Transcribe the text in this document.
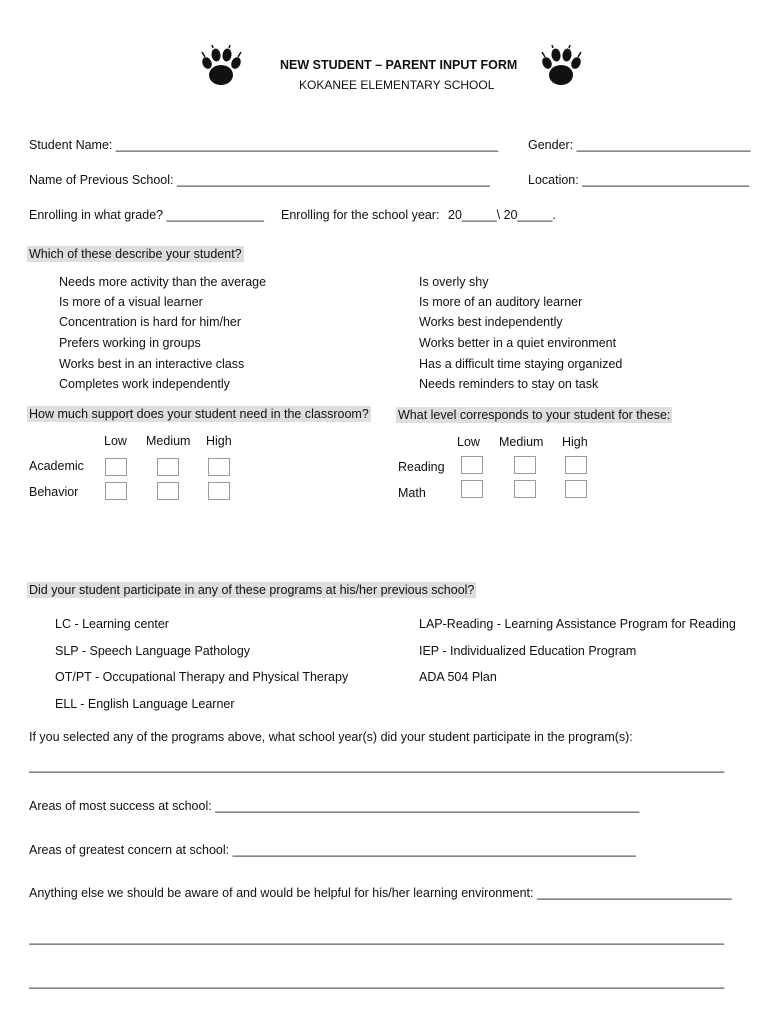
NEW STUDENT – PARENT INPUT FORM
KOKANEE ELEMENTARY SCHOOL
Student Name: _______________________________________________________ Gender: _________________________
Name of Previous School: _____________________________________________	Location: ________________________
Enrolling in what grade? ______________ Enrolling for the school year: 20_____\ 20_____.
Which of these describe your student?
Needs more activity than the average
Is more of a visual learner
Concentration is hard for him/her
Prefers working in groups
Works best in an interactive class
Completes work independently
Is overly shy
Is more of an auditory learner
Works best independently
Works better in a quiet environment
Has a difficult time staying organized
Needs reminders to stay on task
How much support does your student need in the classroom?
Low Medium High
Academic
Behavior
What level corresponds to your student for these:
Low Medium High
Reading
Math
Did your student participate in any of these programs at his/her previous school?
LC - Learning center
SLP - Speech Language Pathology
OT/PT - Occupational Therapy and Physical Therapy
ELL - English Language Learner
LAP-Reading - Learning Assistance Program for Reading
IEP - Individualized Education Program
ADA 504 Plan
If you selected any of the programs above, what school year(s) did your student participate in the program(s):
____________________________________________________________________________________________________
Areas of most success at school: _____________________________________________________________
Areas of greatest concern at school: __________________________________________________________
Anything else we should be aware of and would be helpful for his/her learning environment: ____________________________
____________________________________________________________________________________________________
____________________________________________________________________________________________________
